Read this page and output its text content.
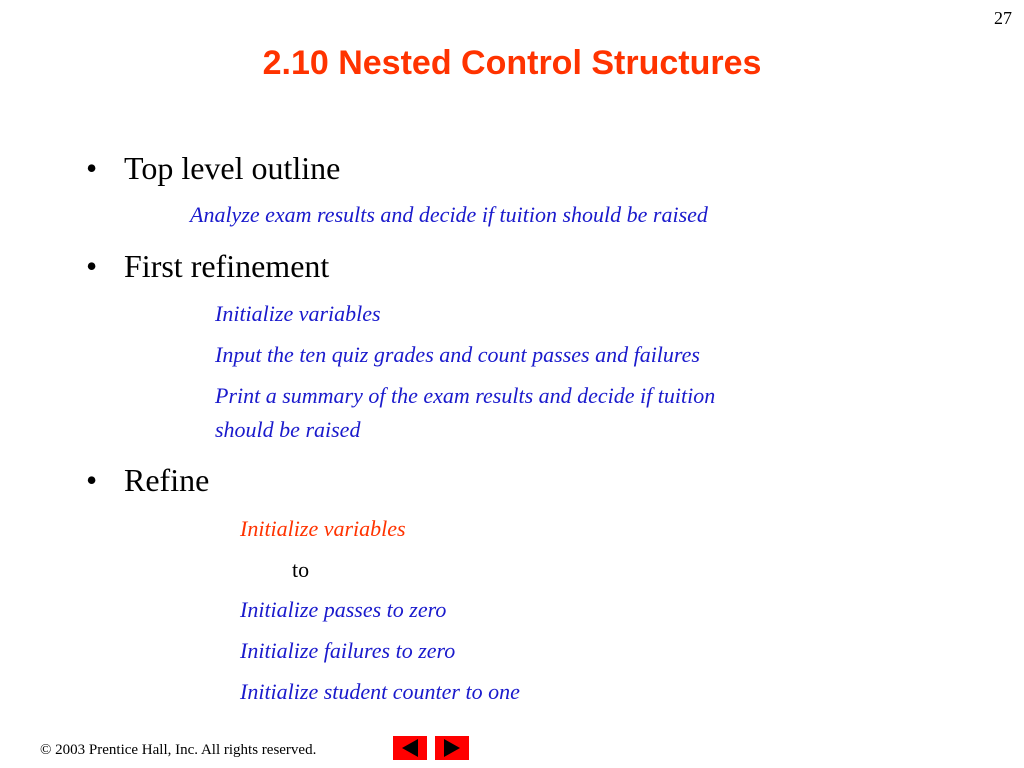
27
2.10 Nested Control Structures
• Top level outline
Analyze exam results and decide if tuition should be raised
• First refinement
Initialize variables
Input the ten quiz grades and count passes and failures
Print a summary of the exam results and decide if tuition
should be raised
• Refine
Initialize variables
to
Initialize passes to zero
Initialize failures to zero
Initialize student counter to one
© 2003 Prentice Hall, Inc. All rights reserved.
